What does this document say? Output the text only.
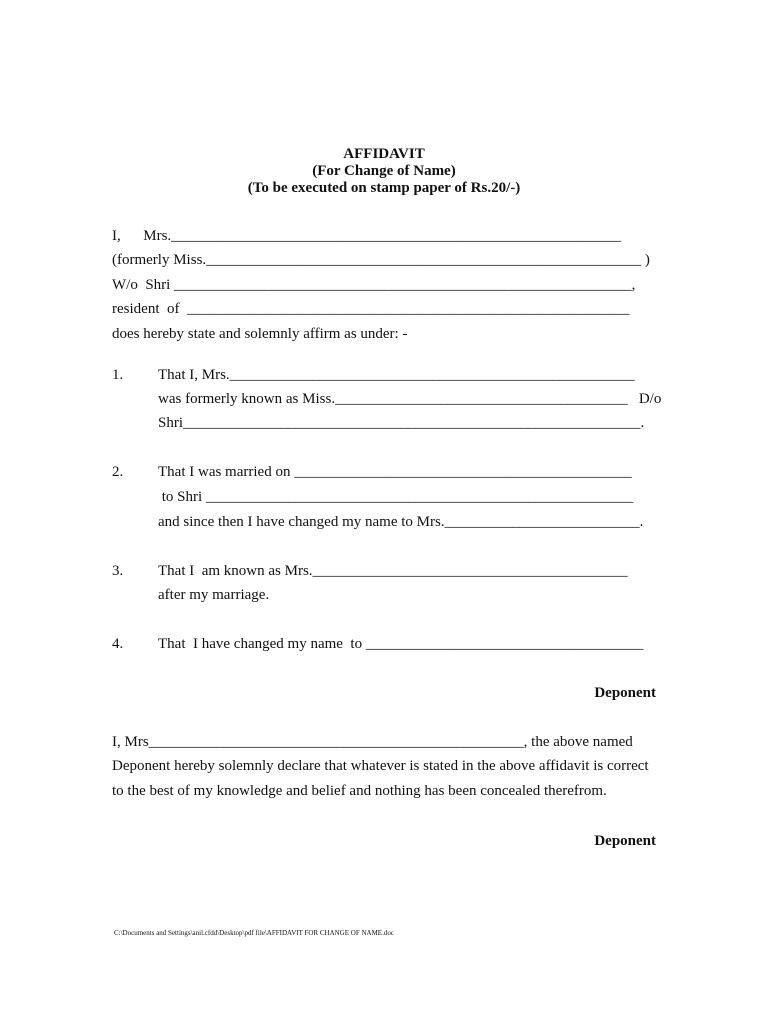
AFFIDAVIT
(For Change of Name)
(To be executed on stamp paper of Rs.20/-)
I,      Mrs.____________________________________________________________
(formerly Miss.__________________________________________________________ )
W/o  Shri _____________________________________________________________,
resident  of  ___________________________________________________________
does hereby state and solemnly affirm as under: -
1. That I, Mrs.______________________________________________________
was formerly known as Miss._______________________________________   D/o
Shri_____________________________________________________________.
2. That I was married on _____________________________________________
to Shri _________________________________________________________
and since then I have changed my name to Mrs.__________________________.
3. That I  am known as Mrs.__________________________________________
after my marriage.
4. That  I have changed my name  to _____________________________________
Deponent
I, Mrs__________________________________________________, the above named
Deponent hereby solemnly declare that whatever is stated in the above affidavit is correct
to the best of my knowledge and belief and nothing has been concealed therefrom.
Deponent
C:\Documents and Settings\anil.cfdd\Desktop\pdf file\AFFIDAVIT FOR CHANGE OF NAME.doc
